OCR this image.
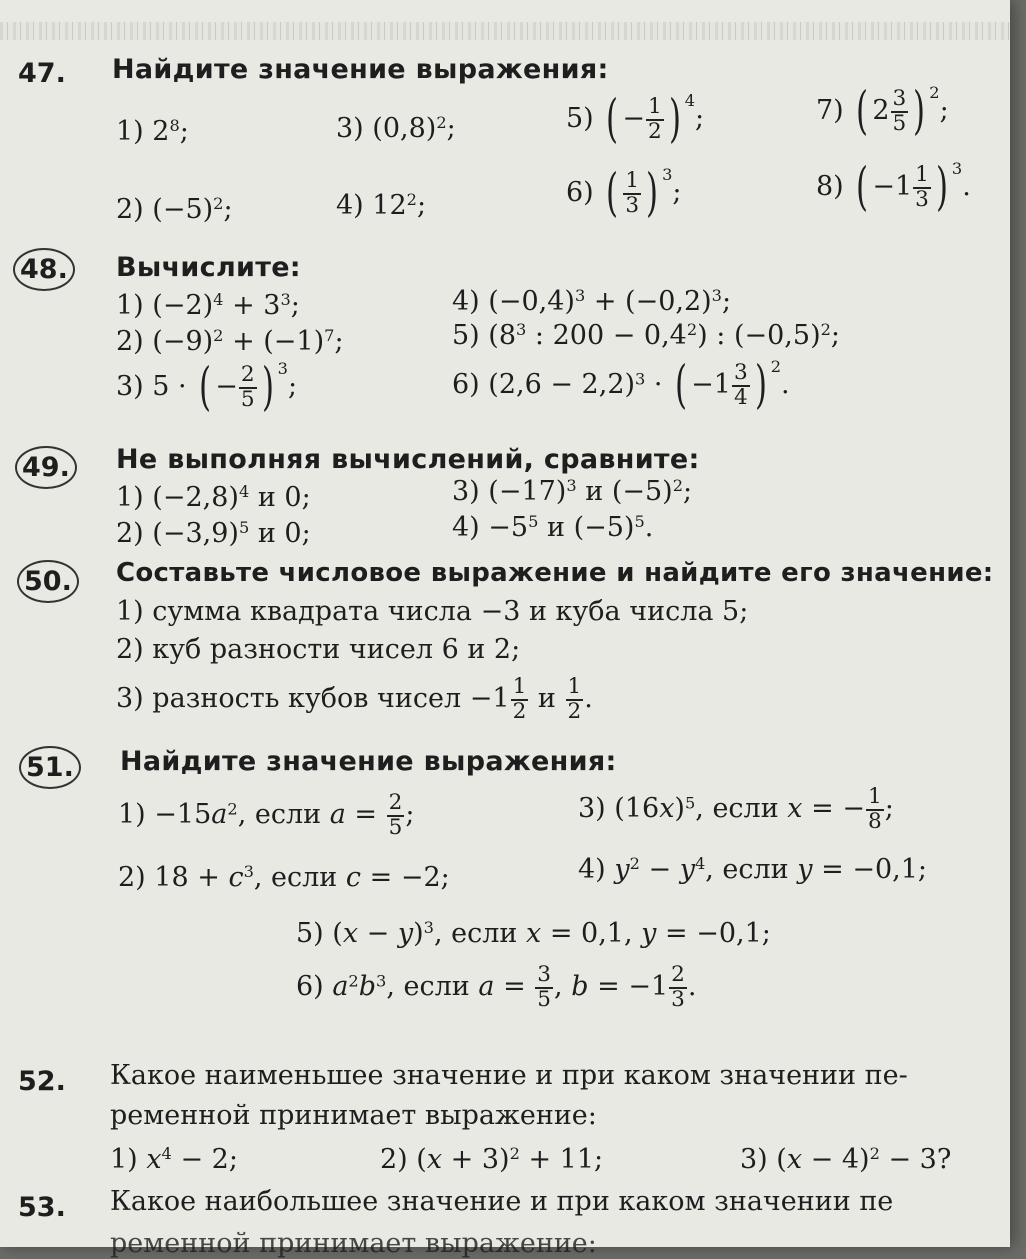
47. Найдите значение выражения:
1) $2^8$;	3) $(0,8)^2$;	5) ( − $\frac{1}{2}$ ) $^4$;	7) ( $2 \frac{3}{5}$ ) $^2$;
2) $(-5)^2$;	4) $12^2$;	6) ( $\frac{1}{3}$ ) $^3$;	8) ( $-1 \frac{1}{3}$ ) $^3$.
48. Вычислите:
1) $(-2)^4 + 3^3$;
2) $(-9)^2 + (-1)^7$;
3) 5 · ( − $\frac{2}{5}$ ) $^3$;
4) $(-0,4)^3 + (-0,2)^3$;
5) ($8^3$ : $200 - 0,4^2$) : $(-0,5)^2$;
6) $(2,6 - 2,2)^3$ · ( $-1 \frac{3}{4}$ ) $^2$.
49. Не выполняя вычислений, сравните:
1) $(-2,8)^4$ и 0;
2) $(-3,9)^5$ и 0;
3) $(-17)^3$ и $(-5)^2$;
$4) -5^5$ и $(-5)^5$.
50. Составьте числовое выражение и найдите его значение:
1) сумма квадрата числа −3 и куба числа 5;
2) куб разности чисел 6 и 2;
3) разность кубов чисел $-1 \frac{1}{2}$ и $\frac{1}{2}$ .
51. Найдите значение выражения:
$1) -15a^2$, если $a = \frac{2}{5}$ ;
2) $18 + c^3$, если c = −2;
3) $(16x)^5$, если x = − $\frac{1}{8}$ ;
4) $y^2 - y^4$, если y = −0,1;
5) $(x - y)^3$, если x = 0,1, y = −0,1;
6) $a^2b^3$, если $a = \frac{3}{5}$ , $b = -1 \frac{2}{3}$ .
52. Какое наименьшее значение и при каком значении пе-
ременной принимает выражение:
1) $x^4 - 2$;	2) $(x + 3)^2 + 11$;	3) $(x - 4)^2 - 3$?
53. Какое наибольшее значение и при каком значении пе
ременной принимает выражение:
